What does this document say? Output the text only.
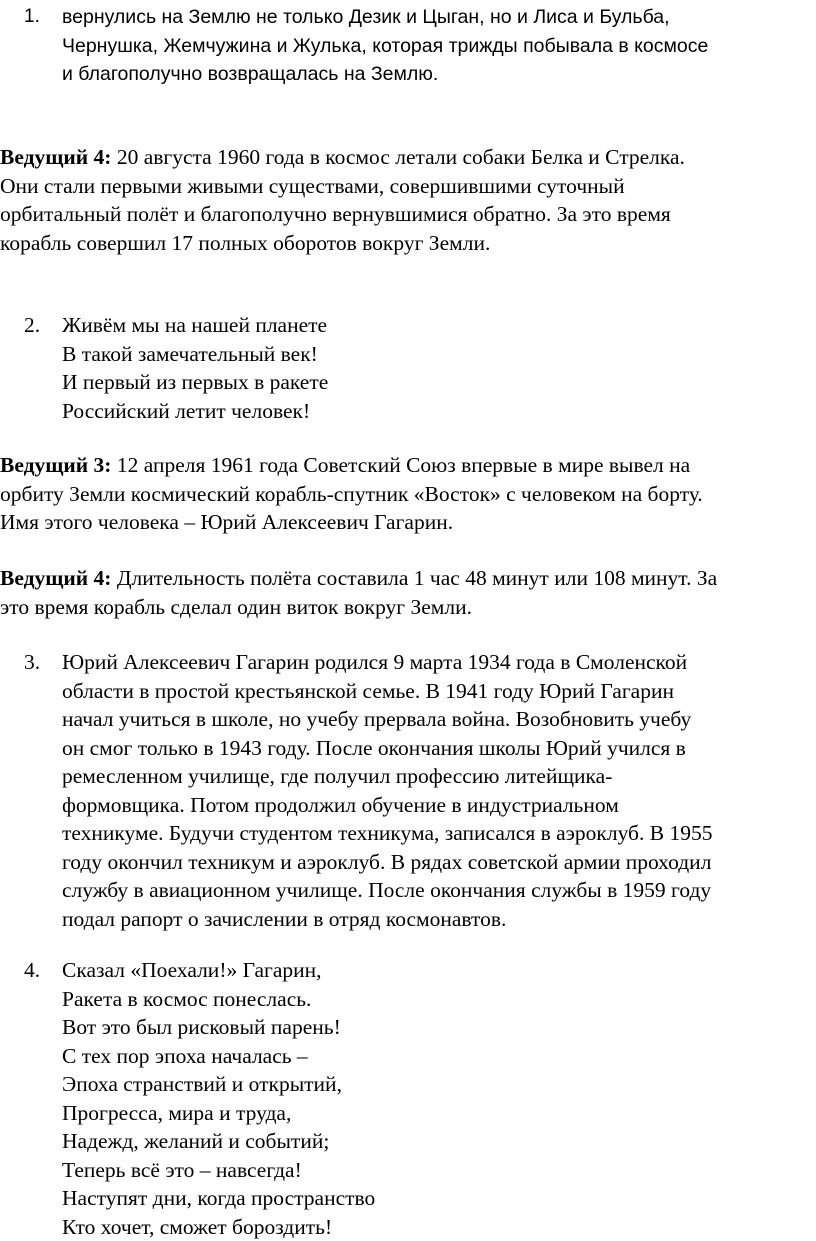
1.	вернулись на Землю не только Дезик и Цыган, но и Лиса и Бульба,
Чернушка, Жемчужина и Жулька, которая трижды побывала в космосе
и благополучно возвращалась на Землю.
Ведущий 4: 20 августа 1960 года в космос летали собаки Белка и Стрелка.
Они стали первыми живыми существами, совершившими суточный
орбитальный полёт и благополучно вернувшимися обратно. За это время
корабль совершил 17 полных оборотов вокруг Земли.
2.	Живём мы на нашей планете
В такой замечательный век!
И первый из первых в ракете
Российский летит человек!
Ведущий 3: 12 апреля 1961 года Советский Союз впервые в мире вывел на
орбиту Земли космический корабль-спутник «Восток» с человеком на борту.
Имя этого человека – Юрий Алексеевич Гагарин.
Ведущий 4: Длительность полёта составила 1 час 48 минут или 108 минут. За
это время корабль сделал один виток вокруг Земли.
3.	Юрий Алексеевич Гагарин родился 9 марта 1934 года в Смоленской
области в простой крестьянской семье. В 1941 году Юрий Гагарин
начал учиться в школе, но учебу прервала война. Возобновить учебу
он смог только в 1943 году. После окончания школы Юрий учился в
ремесленном училище, где получил профессию литейщика-
формовщика. Потом продолжил обучение в индустриальном
техникуме. Будучи студентом техникума, записался в аэроклуб. В 1955
году окончил техникум и аэроклуб. В рядах советской армии проходил
службу в авиационном училище. После окончания службы в 1959 году
подал рапорт о зачислении в отряд космонавтов.
4.	Сказал «Поехали!» Гагарин,
Ракета в космос понеслась.
Вот это был рисковый парень!
С тех пор эпоха началась –
Эпоха странствий и открытий,
Прогресса, мира и труда,
Надежд, желаний и событий;
Теперь всё это – навсегда!
Наступят дни, когда пространство
Кто хочет, сможет бороздить!
